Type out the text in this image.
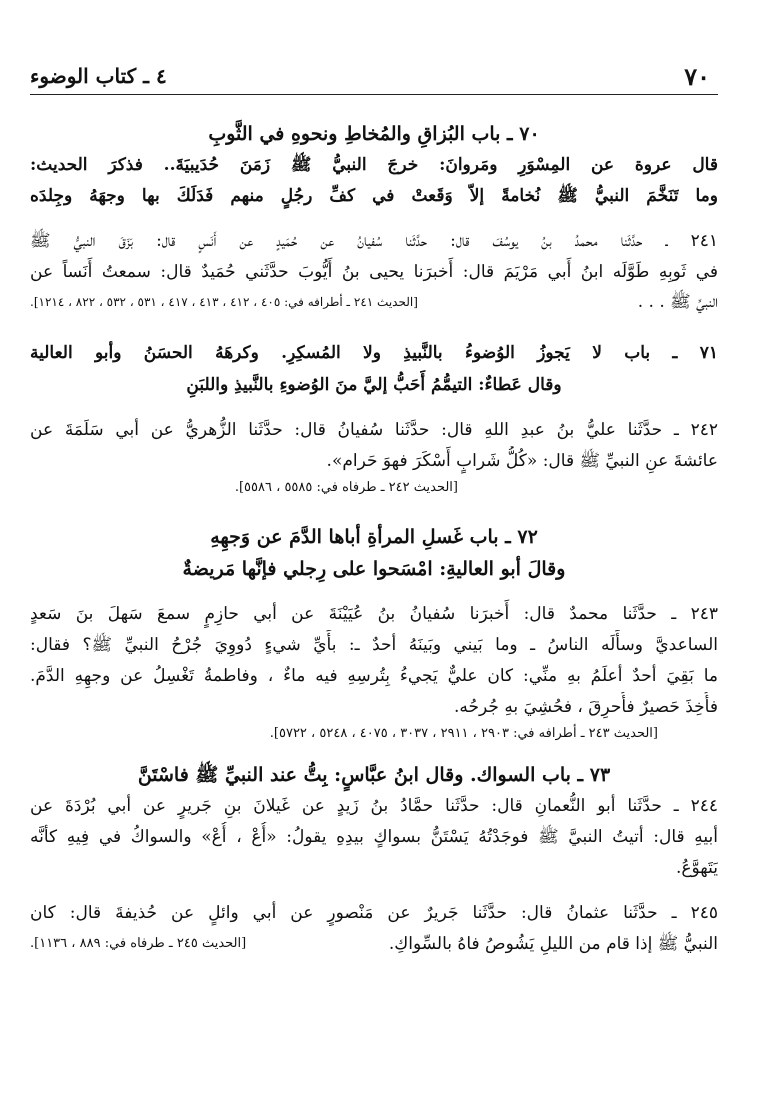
٧٠
٤ ـ كتاب الوضوء

٧٠ ـ باب البُزاقِ والمُخاطِ ونحوهِ في الثَّوبِ

قال عروة عن المِسْوَرِ ومَروانَ: خرجَ النبيُّ ﷺ زَمَنَ حُدَيبيَةَ.. فذكرَ الحديث:

وما تَنَخَّمَ النبيُّ ﷺ نُخامةً إلاّ وَقَعتْ في كفِّ رجُلٍ منهم فَدَلَكَ بها وجهَهُ وجِلدَه

٢٤١ ـ حدَّثَنا محمدُ بنُ يوسُفَ قال: حدَّثَنا سُفيانُ عن حُمَيدٍ عن أَنَسٍ قال: بَزَقَ النبيُّ ﷺ

في ثَوبِهِ طَوَّلَه ابنُ أَبي مَرْيَمَ قال: أَخبرَنا يحيى بنُ أَيُّوبَ حدَّثَني حُمَيدٌ قال: سمعتُ أَنَساً عن

النبيِّ ﷺ . . .
[الحديث ٢٤١ ـ أطرافه في: ٤٠٥ ، ٤١٢ ، ٤١٣ ، ٤١٧ ، ٥٣١ ، ٥٣٢ ، ٨٢٢ ، ١٢١٤].

٧١ ـ باب لا يَجوزُ الوُضوءُ بالنَّبيذِ ولا المُسكِرِ. وكرهَهُ الحسَنُ وأبو العالية

وقال عَطاءٌ: التيمُّمُ أَحَبُّ إليَّ منَ الوُضوءِ بالنَّبيذِ واللبَنِ

٢٤٢ ـ حدَّثَنا عليُّ بنُ عبدِ اللهِ قال: حدَّثَنا سُفيانُ قال: حدَّثَنا الزُّهريُّ عن أبي سَلَمَةَ عن

عائشةَ عنِ النبيِّ ﷺ قال: «كُلُّ شَرابٍ أَسْكَرَ فهوَ حَرام».

[الحديث ٢٤٢ ـ طرفاه في: ٥٥٨٥ ، ٥٥٨٦].

٧٢ ـ باب غَسلِ المرأةِ أباها الدَّمَ عن وَجهِهِ

وقالَ أبو العاليةِ: امْسَحوا على رِجلي فإنَّها مَريضةٌ

٢٤٣ ـ حدَّثَنا محمدٌ قال: أَخبرَنا سُفيانُ بنُ عُيَيْنَةَ عن أبي حازِمٍ سمعَ سَهلَ بنَ سَعدٍ

الساعديَّ وسأَلَه الناسُ ـ وما بَيني وبَينَهُ أحدٌ ـ: بأَيِّ شيءٍ دُووِيَ جُرْحُ النبيِّ ﷺ؟ فقال:

ما بَقِيَ أحدٌ أعلَمُ بهِ منِّي: كان عليٌّ يَجيءُ بِتُرسِهِ فيه ماءٌ ، وفاطمةُ تَغْسِلُ عن وجهِهِ الدَّمَ.

فأُخِذَ حَصيرٌ فأُحرِقَ ، فحُشِيَ بهِ جُرحُه.

[الحديث ٢٤٣ ـ أطرافه في: ٢٩٠٣ ، ٢٩١١ ، ٣٠٣٧ ، ٤٠٧٥ ، ٥٢٤٨ ، ٥٧٢٢].

٧٣ ـ باب السواك. وقال ابنُ عبَّاسٍ: بِتُّ عند النبيِّ ﷺ فاسْتَنَّ

٢٤٤ ـ حدَّثَنا أبو النُّعمانِ قال: حدَّثَنا حمَّادُ بنُ زَيدٍ عن غَيلانَ بنِ جَريرٍ عن أبي بُرْدَةَ عن

أبيهِ قال: أتيتُ النبيَّ ﷺ فوجَدْتُهُ يَسْتَنُّ بسواكٍ بيدِهِ يقولُ: «أُعْ ، أُعْ» والسواكُ في فِيهِ كأنَّه

يَتَهوَّعُ.

٢٤٥ ـ حدَّثَنا عثمانُ قال: حدَّثَنا جَريرٌ عن مَنْصورٍ عن أبي وائلٍ عن حُذيفةَ قال: كان

النبيُّ ﷺ إذا قام من الليلِ يَشُوصُ فاهُ بالسِّواكِ.
[الحديث ٢٤٥ ـ طرفاه في: ٨٨٩ ، ١١٣٦].
